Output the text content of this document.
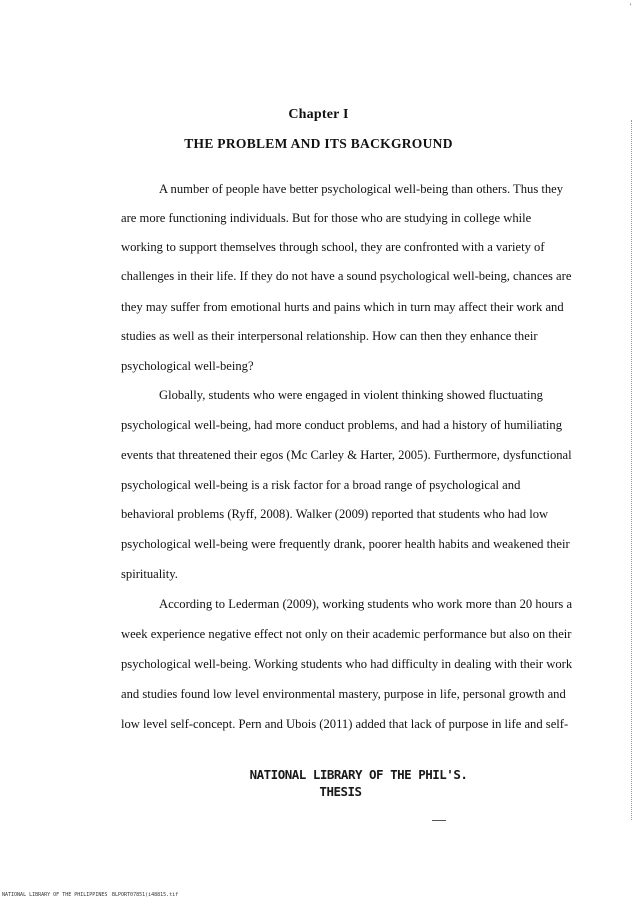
'
Chapter I
THE PROBLEM AND ITS BACKGROUND
A number of people have better psychological well-being than others. Thus they
are more functioning individuals. But for those who are studying in college while
working to support themselves through school, they are confronted with a variety of
challenges in their life. If they do not have a sound psychological well-being, chances are
they may suffer from emotional hurts and pains which in turn may affect their work and
studies as well as their interpersonal relationship. How can then they enhance their
psychological well-being?
Globally, students who were engaged in violent thinking showed fluctuating
psychological well-being, had more conduct problems, and had a history of humiliating
events that threatened their egos (Mc Carley & Harter, 2005). Furthermore, dysfunctional
psychological well-being is a risk factor for a broad range of psychological and
behavioral problems (Ryff, 2008). Walker (2009) reported that students who had low
psychological well-being were frequently drank, poorer health habits and weakened their
spirituality.
According to Lederman (2009), working students who work more than 20 hours a
week experience negative effect not only on their academic performance but also on their
psychological well-being. Working students who had difficulty in dealing with their work
and studies found low level environmental mastery, purpose in life, personal growth and
low level self-concept. Pern and Ubois (2011) added that lack of purpose in life and self-
NATIONAL LIBRARY OF THE PHIL'S.
THESIS
NATIONAL LIBRARY OF THE PHILIPPINES BLPORT07851(i48815.tif
